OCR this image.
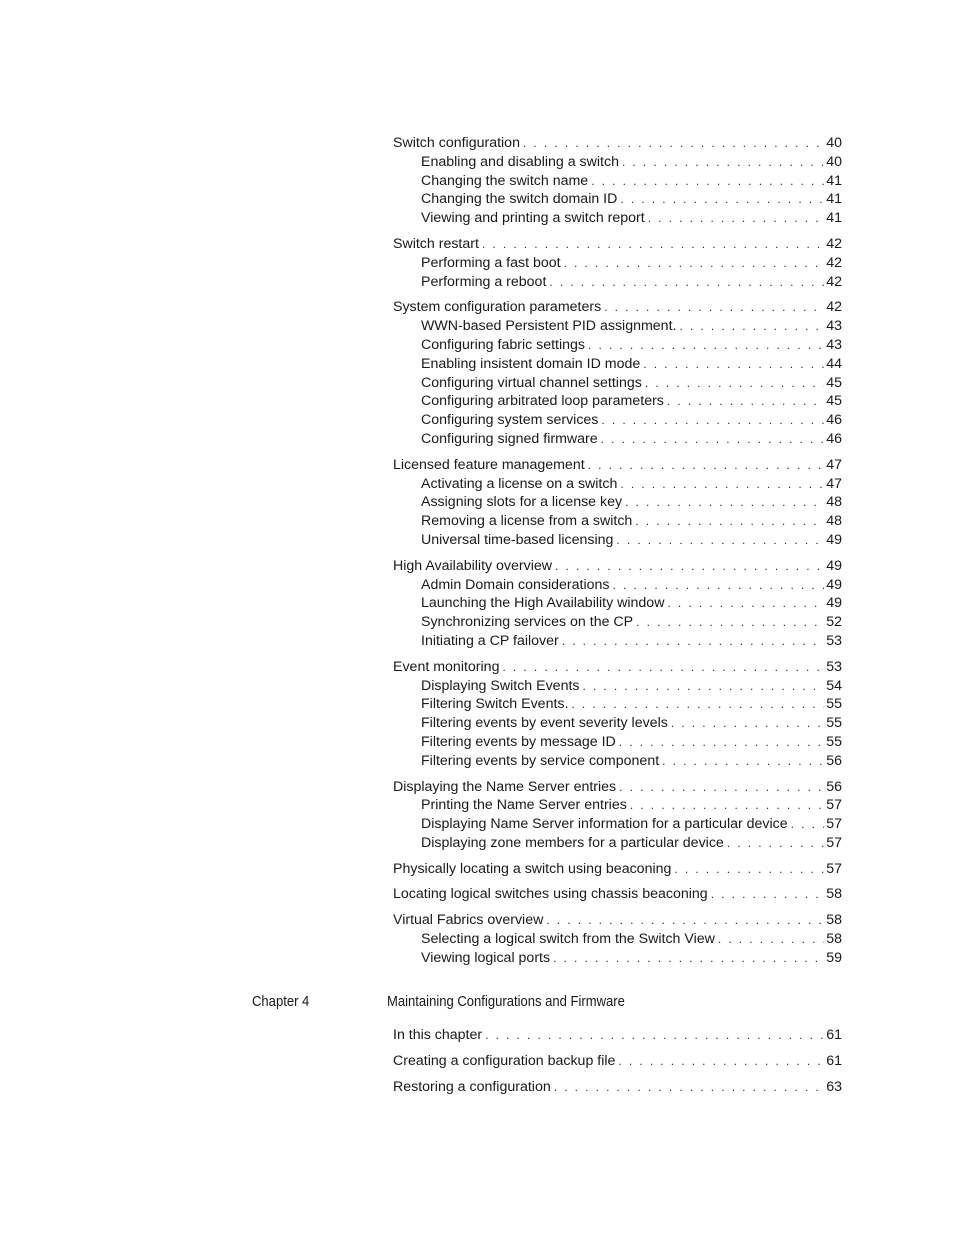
Switch configuration . . .	40
Enabling and disabling a switch . . .	40
Changing the switch name . . .	41
Changing the switch domain ID . . .	41
Viewing and printing a switch report . . .	41
Switch restart . . .	42
Performing a fast boot . . .	42
Performing a reboot . . .	42
System configuration parameters . . .	42
WWN-based Persistent PID assignment. . . .	43
Configuring fabric settings . . .	43
Enabling insistent domain ID mode . . .	44
Configuring virtual channel settings . . .	45
Configuring arbitrated loop parameters . . .	45
Configuring system services . . .	46
Configuring signed firmware . . .	46
Licensed feature management . . .	47
Activating a license on a switch . . .	47
Assigning slots for a license key . . .	48
Removing a license from a switch . . .	48
Universal time-based licensing . . .	49
High Availability overview . . .	49
Admin Domain considerations . . .	49
Launching the High Availability window . . .	49
Synchronizing services on the CP . . .	52
Initiating a CP failover . . .	53
Event monitoring . . .	53
Displaying Switch Events . . .	54
Filtering Switch Events. . . .	55
Filtering events by event severity levels . . .	55
Filtering events by message ID . . .	55
Filtering events by service component . . .	56
Displaying the Name Server entries . . .	56
Printing the Name Server entries . . .	57
Displaying Name Server information for a particular device . . .	57
Displaying zone members for a particular device . . .	57
Physically locating a switch using beaconing . . .	57
Locating logical switches using chassis beaconing . . .	58
Virtual Fabrics overview . . .	58
Selecting a logical switch from the Switch View . . .	58
Viewing logical ports . . .	59
Chapter 4	Maintaining Configurations and Firmware
In this chapter . . .	61
Creating a configuration backup file . . .	61
Restoring a configuration . . .	63
